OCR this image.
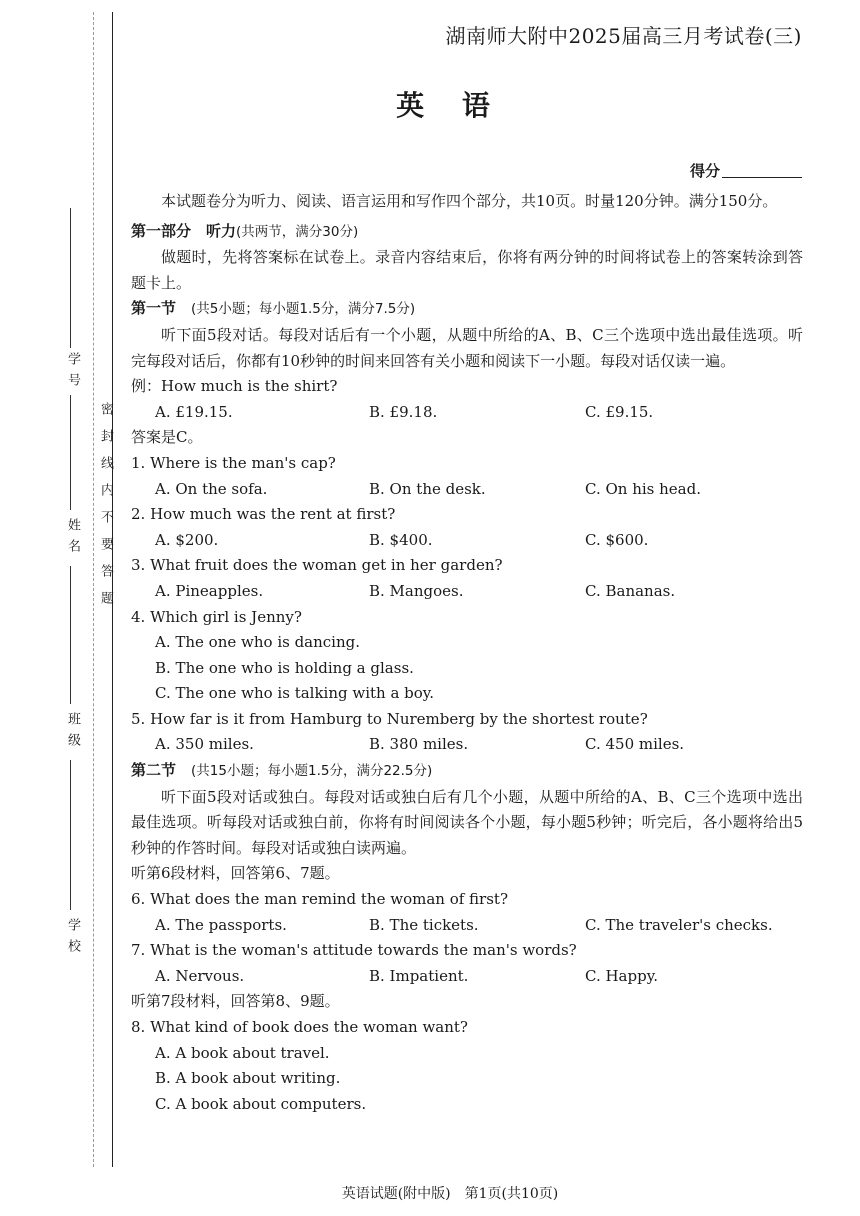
学 号
姓 名
班 级
学 校
密封线内不要答题
湖南师大附中2025届高三月考试卷(三)
英 语
得分
本试题卷分为听力、阅读、语言运用和写作四个部分，共10页。时量120分钟。满分150分。
第一部分　听力(共两节，满分30分)
做题时，先将答案标在试卷上。录音内容结束后，你将有两分钟的时间将试卷上的答案转涂到答题卡上。
第一节　 (共5小题；每小题1.5分，满分7.5分)
听下面5段对话。每段对话后有一个小题，从题中所给的A、B、C三个选项中选出最佳选项。听完每段对话后，你都有10秒钟的时间来回答有关小题和阅读下一小题。每段对话仅读一遍。
例：How much is the shirt?
A. £19.15.	B. £9.18.	C. £9.15.
答案是C。
1. Where is the man's cap?
A. On the sofa.	B. On the desk.	C. On his head.
2. How much was the rent at first?
A. $200.	B. $400.	C. $600.
3. What fruit does the woman get in her garden?
A. Pineapples.	B. Mangoes.	C. Bananas.
4. Which girl is Jenny?
A. The one who is dancing.
B. The one who is holding a glass.
C. The one who is talking with a boy.
5. How far is it from Hamburg to Nuremberg by the shortest route?
A. 350 miles.	B. 380 miles.	C. 450 miles.
第二节　 (共15小题；每小题1.5分，满分22.5分)
听下面5段对话或独白。每段对话或独白后有几个小题，从题中所给的A、B、C三个选项中选出最佳选项。听每段对话或独白前，你将有时间阅读各个小题，每小题5秒钟；听完后，各小题将给出5秒钟的作答时间。每段对话或独白读两遍。
听第6段材料，回答第6、7题。
6. What does the man remind the woman of first?
A. The passports.	B. The tickets.	C. The traveler's checks.
7. What is the woman's attitude towards the man's words?
A. Nervous.	B. Impatient.	C. Happy.
听第7段材料，回答第8、9题。
8. What kind of book does the woman want?
A. A book about travel.
B. A book about writing.
C. A book about computers.
英语试题(附中版)　第1页(共10页)
